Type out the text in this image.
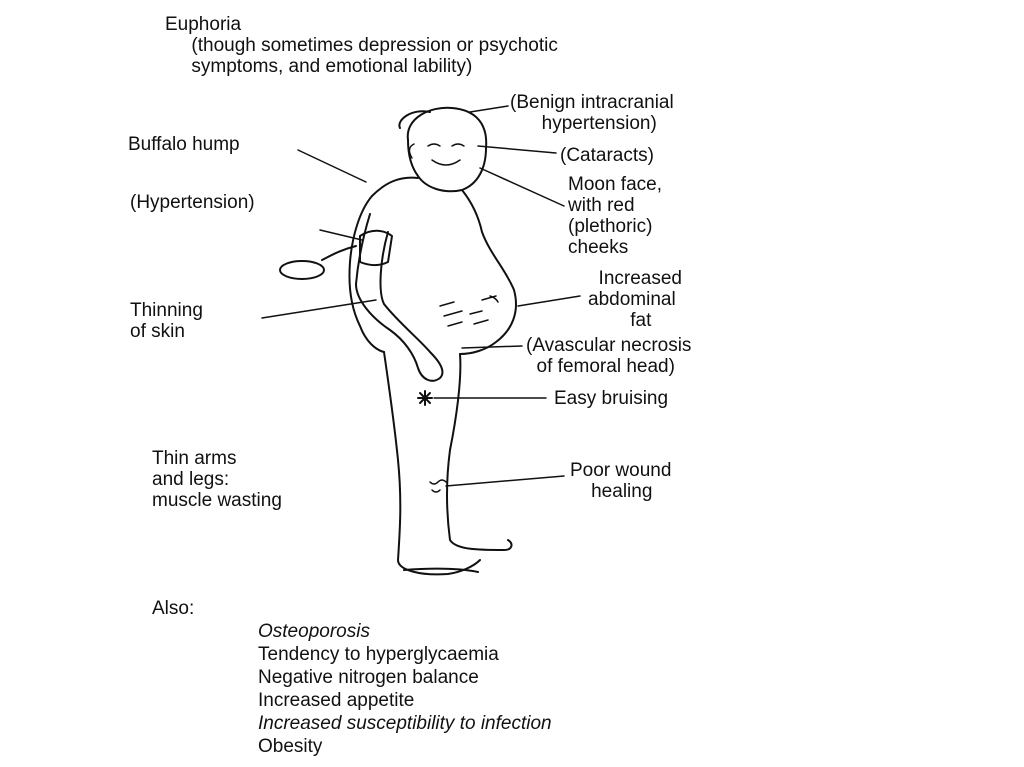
Euphoria
(though sometimes depression or psychotic
symptoms, and emotional lability)
(Benign intracranial
hypertension)
Buffalo hump
(Cataracts)
Moon face,
with red
(plethoric)
cheeks
(Hypertension)
Increased
abdominal
fat
Thinning
of skin
(Avascular necrosis
of femoral head)
Easy bruising
Thin arms
and legs:
muscle wasting
Poor wound
healing
Also:
Osteoporosis
Tendency to hyperglycaemia
Negative nitrogen balance
Increased appetite
Increased susceptibility to infection
Obesity
